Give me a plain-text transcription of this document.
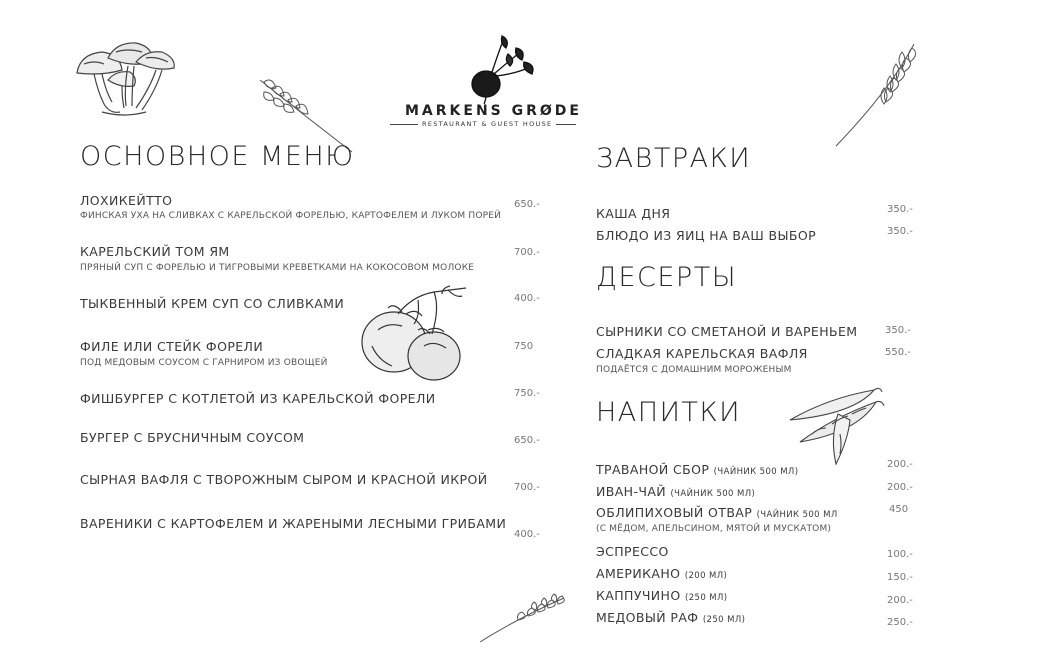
MARKENS GRØDE
RESTAURANT & GUEST HOUSE
ОСНОВНОЕ МЕНЮ
ЛОХИКЕЙТТО
ФИНСКАЯ УХА НА СЛИВКАХ С КАРЕЛЬСКОЙ ФОРЕЛЬЮ, КАРТОФЕЛЕМ И ЛУКОМ ПОРЕЙ
650.-
КАРЕЛЬСКИЙ ТОМ ЯМ
ПРЯНЫЙ СУП С ФОРЕЛЬЮ И ТИГРОВЫМИ КРЕВЕТКАМИ НА КОКОСОВОМ МОЛОКЕ
700.-
ТЫКВЕННЫЙ КРЕМ СУП СО СЛИВКАМИ	400.-
ФИЛЕ ИЛИ СТЕЙК ФОРЕЛИ
ПОД МЕДОВЫМ СОУСОМ С ГАРНИРОМ ИЗ ОВОЩЕЙ
750
ФИШБУРГЕР С КОТЛЕТОЙ ИЗ КАРЕЛЬСКОЙ ФОРЕЛИ	750.-
БУРГЕР С БРУСНИЧНЫМ СОУСОМ	650.-
СЫРНАЯ ВАФЛЯ С ТВОРОЖНЫМ СЫРОМ И КРАСНОЙ ИКРОЙ
700.-
ВАРЕНИКИ С КАРТОФЕЛЕМ И ЖАРЕНЫМИ ЛЕСНЫМИ ГРИБАМИ
400.-
ЗАВТРАКИ
КАША ДНЯ	350.-
БЛЮДО ИЗ ЯИЦ НА ВАШ ВЫБОР	350.-
ДЕСЕРТЫ
СЫРНИКИ СО СМЕТАНОЙ И ВАРЕНЬЕМ	350.-
СЛАДКАЯ КАРЕЛЬСКАЯ ВАФЛЯ
ПОДАЁТСЯ С ДОМАШНИМ МОРОЖЕНЫМ
550.-
НАПИТКИ
ТРАВАНОЙ СБОР (ЧАЙНИК 500 МЛ)
200.-
ИВАН-ЧАЙ (ЧАЙНИК 500 МЛ)
200.-
ОБЛИПИХОВЫЙ ОТВАР (ЧАЙНИК 500 МЛ
(С МЁДОМ, АПЕЛЬСИНОМ, МЯТОЙ И МУСКАТОМ)
450
ЭСПРЕССО	100.-
АМЕРИКАНО (200 МЛ)	150.-
КАППУЧИНО (250 МЛ)	200.-
МЕДОВЫЙ РАФ (250 МЛ)	250.-
